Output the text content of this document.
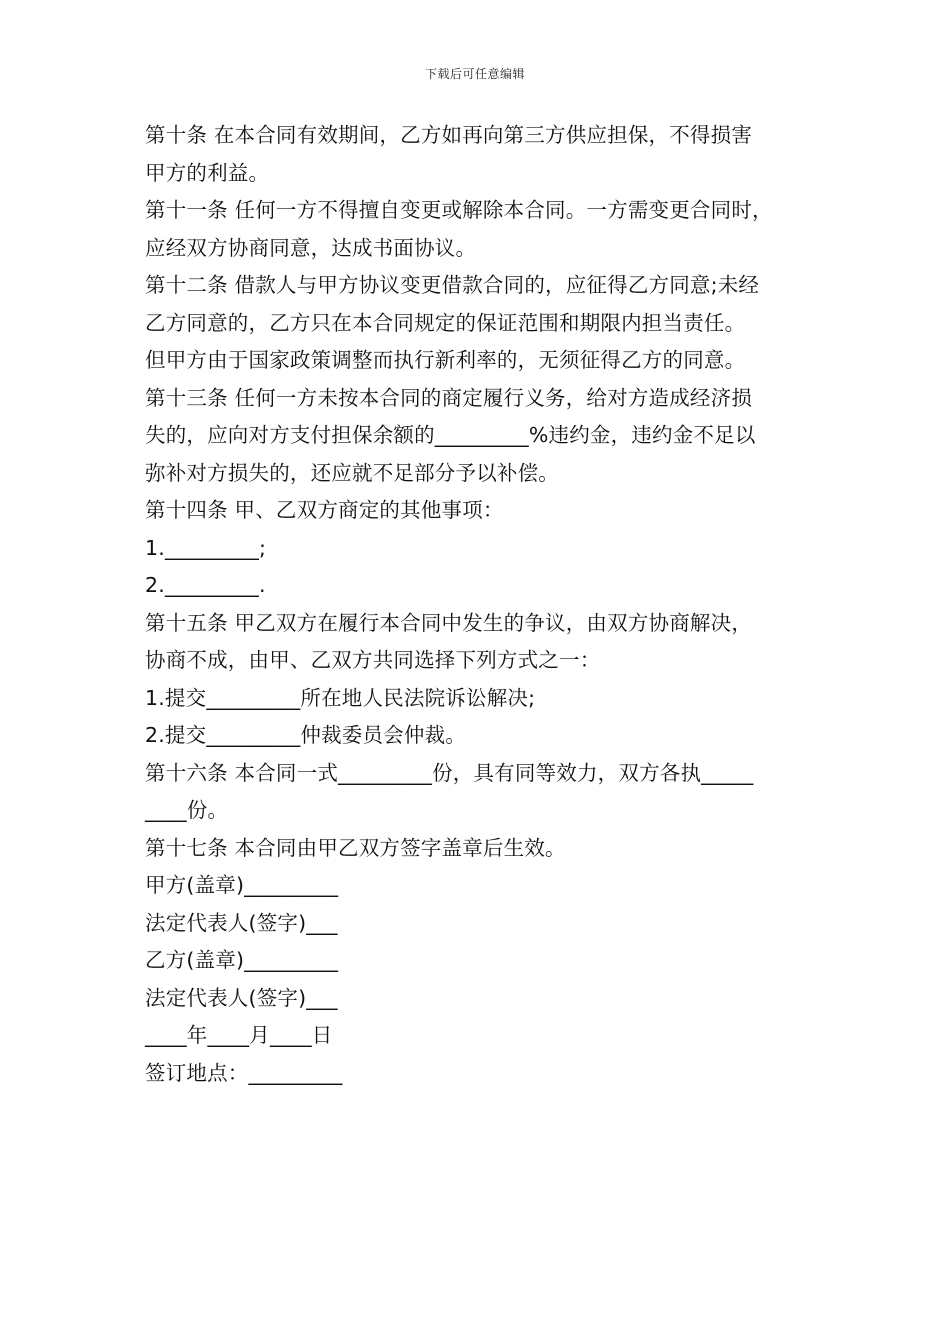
下载后可任意编辑
第十条 在本合同有效期间，乙方如再向第三方供应担保，不得损害
甲方的利益。
第十一条 任何一方不得擅自变更或解除本合同。一方需变更合同时，
应经双方协商同意，达成书面协议。
第十二条 借款人与甲方协议变更借款合同的，应征得乙方同意;未经
乙方同意的，乙方只在本合同规定的保证范围和期限内担当责任。
但甲方由于国家政策调整而执行新利率的，无须征得乙方的同意。
第十三条 任何一方未按本合同的商定履行义务，给对方造成经济损
失的，应向对方支付担保余额的_________%违约金，违约金不足以
弥补对方损失的，还应就不足部分予以补偿。
第十四条 甲、乙双方商定的其他事项：
1._________;
2._________.
第十五条 甲乙双方在履行本合同中发生的争议，由双方协商解决，
协商不成，由甲、乙双方共同选择下列方式之一：
1.提交_________所在地人民法院诉讼解决;
2.提交_________仲裁委员会仲裁。
第十六条 本合同一式_________份，具有同等效力，双方各执_____
____份。
第十七条 本合同由甲乙双方签字盖章后生效。
甲方(盖章)_________
法定代表人(签字)___
乙方(盖章)_________
法定代表人(签字)___
____年____月____日
签订地点：_________
